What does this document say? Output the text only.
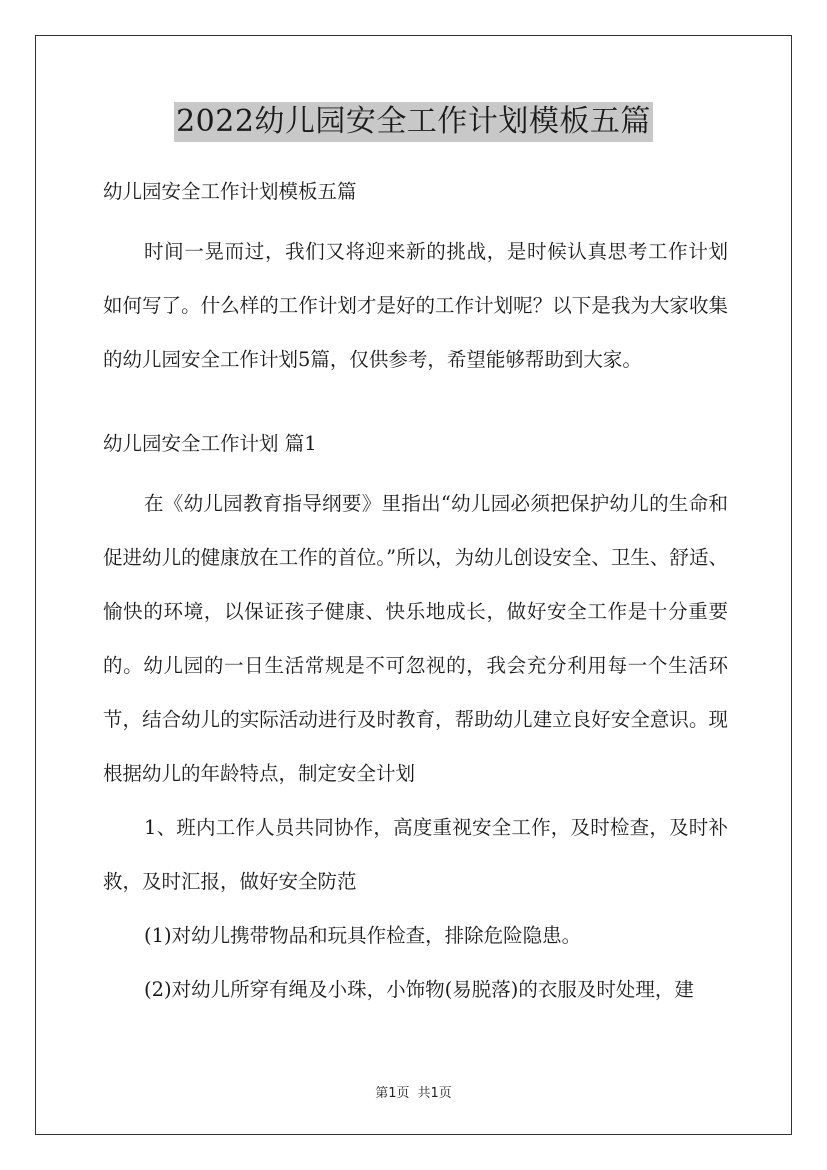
2022幼儿园安全工作计划模板五篇

幼儿园安全工作计划模板五篇

时间一晃而过，我们又将迎来新的挑战，是时候认真思考工作计划如何写了。什么样的工作计划才是好的工作计划呢？以下是我为大家收集的幼儿园安全工作计划5篇，仅供参考，希望能够帮助到大家。

幼儿园安全工作计划 篇1

在《幼儿园教育指导纲要》里指出“幼儿园必须把保护幼儿的生命和促进幼儿的健康放在工作的首位。”所以，为幼儿创设安全、卫生、舒适、愉快的环境，以保证孩子健康、快乐地成长，做好安全工作是十分重要的。幼儿园的一日生活常规是不可忽视的，我会充分利用每一个生活环节，结合幼儿的实际活动进行及时教育，帮助幼儿建立良好安全意识。现根据幼儿的年龄特点，制定安全计划

1、班内工作人员共同协作，高度重视安全工作，及时检查，及时补救，及时汇报，做好安全防范

(1)对幼儿携带物品和玩具作检查，排除危险隐患。

(2)对幼儿所穿有绳及小珠，小饰物(易脱落)的衣服及时处理，建

第1页 共1页
